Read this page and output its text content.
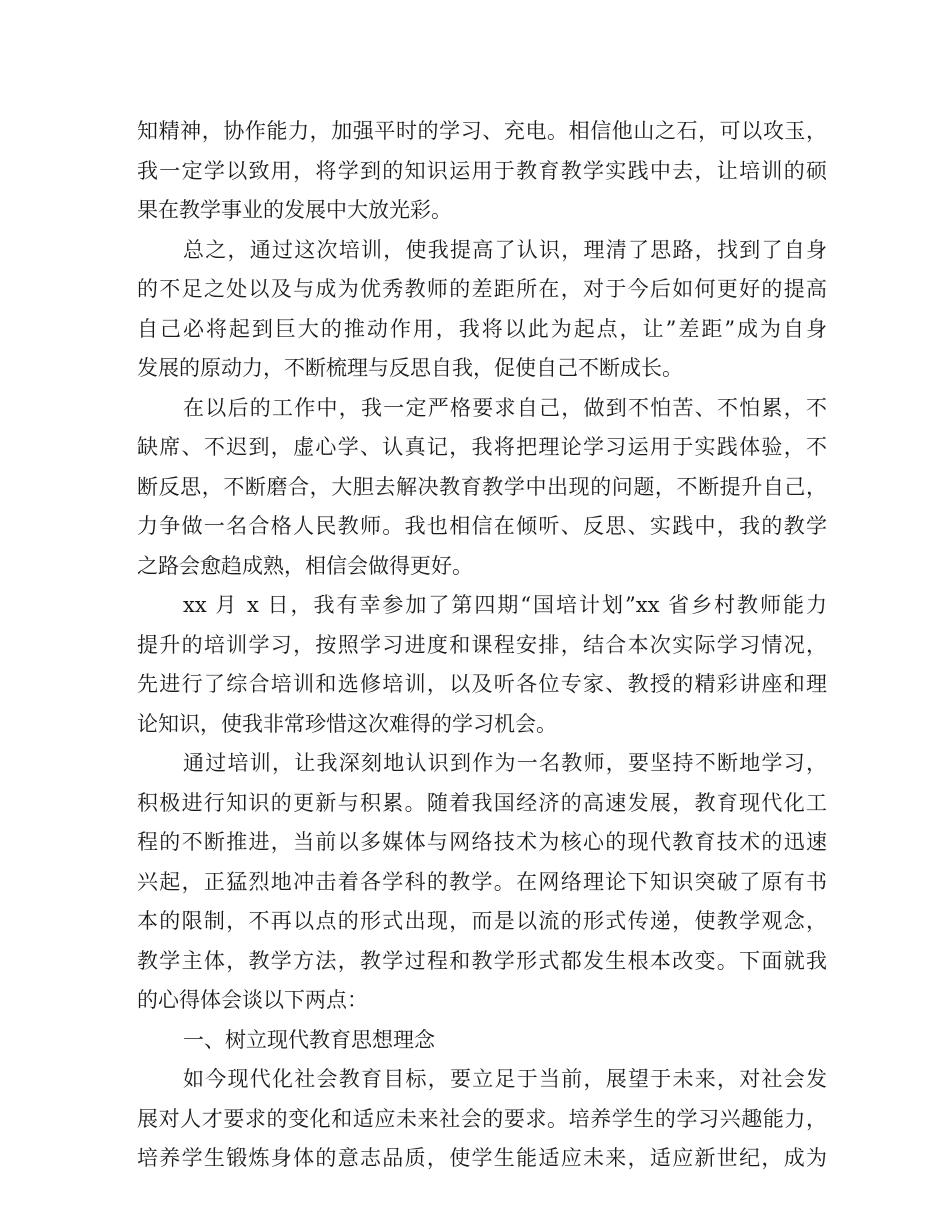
知精神，协作能力，加强平时的学习、充电。相信他山之石，可以攻玉，
我一定学以致用，将学到的知识运用于教育教学实践中去，让培训的硕
果在教学事业的发展中大放光彩。
总之，通过这次培训，使我提高了认识，理清了思路，找到了自身
的不足之处以及与成为优秀教师的差距所在，对于今后如何更好的提高
自己必将起到巨大的推动作用，我将以此为起点，让”差距”成为自身
发展的原动力，不断梳理与反思自我，促使自己不断成长。
在以后的工作中，我一定严格要求自己，做到不怕苦、不怕累，不
缺席、不迟到，虚心学、认真记，我将把理论学习运用于实践体验，不
断反思，不断磨合，大胆去解决教育教学中出现的问题，不断提升自己，
力争做一名合格人民教师。我也相信在倾听、反思、实践中，我的教学
之路会愈趋成熟，相信会做得更好。
xx 月 x 日，我有幸参加了第四期“国培计划”xx 省乡村教师能力
提升的培训学习，按照学习进度和课程安排，结合本次实际学习情况，
先进行了综合培训和选修培训，以及听各位专家、教授的精彩讲座和理
论知识，使我非常珍惜这次难得的学习机会。
通过培训，让我深刻地认识到作为一名教师，要坚持不断地学习，
积极进行知识的更新与积累。随着我国经济的高速发展，教育现代化工
程的不断推进，当前以多媒体与网络技术为核心的现代教育技术的迅速
兴起，正猛烈地冲击着各学科的教学。在网络理论下知识突破了原有书
本的限制，不再以点的形式出现，而是以流的形式传递，使教学观念，
教学主体，教学方法，教学过程和教学形式都发生根本改变。下面就我
的心得体会谈以下两点：
一、树立现代教育思想理念
如今现代化社会教育目标，要立足于当前，展望于未来，对社会发
展对人才要求的变化和适应未来社会的要求。培养学生的学习兴趣能力，
培养学生锻炼身体的意志品质，使学生能适应未来，适应新世纪，成为
